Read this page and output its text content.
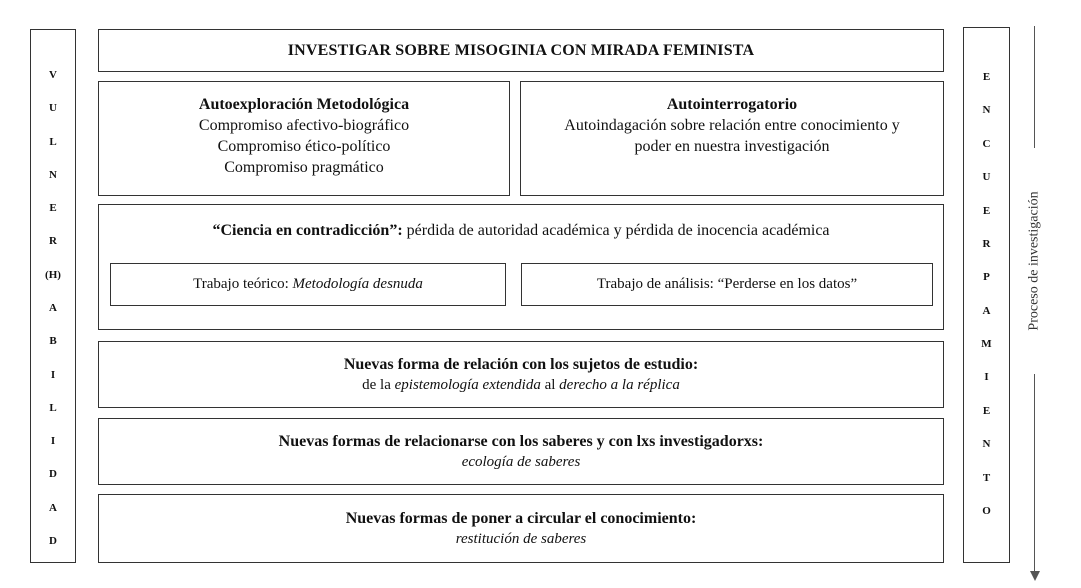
V
U
L
N
E
R
(H)
A
B
I
L
I
D
A
D
INVESTIGAR SOBRE MISOGINIA CON MIRADA FEMINISTA
Autoexploración Metodológica
Compromiso afectivo-biográfico
Compromiso ético-político
Compromiso pragmático
Autointerrogatorio
Autoindagación sobre relación entre conocimiento y
poder en nuestra investigación
“Ciencia en contradicción”: pérdida de autoridad académica y pérdida de inocencia académica
Trabajo teórico: Metodología desnuda	Trabajo de análisis: “Perderse en los datos”
Nuevas forma de relación con los sujetos de estudio:
de la epistemología extendida al derecho a la réplica
Nuevas formas de relacionarse con los saberes y con lxs investigadorxs:
ecología de saberes
Nuevas formas de poner a circular el conocimiento:
restitución de saberes
E
N
C
U
E
R
P
A
M
I
E
N
T
O
Proceso de investigación
